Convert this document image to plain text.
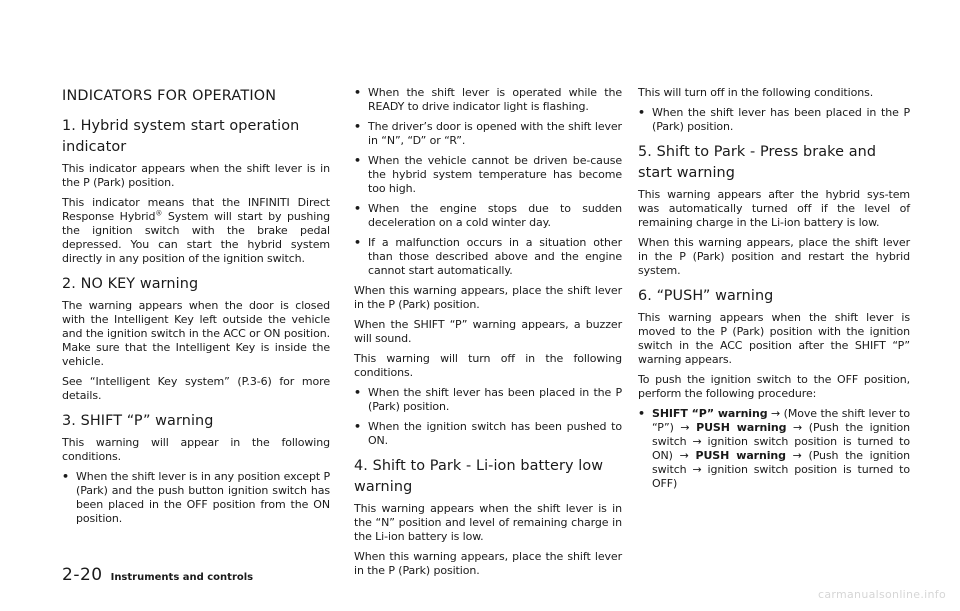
INDICATORS FOR OPERATION
1. Hybrid system start operation indicator

This indicator appears when the shift lever is in the P (Park) position.

This indicator means that the INFINITI Direct Response Hybrid® System will start by pushing the ignition switch with the brake pedal depressed. You can start the hybrid system directly in any position of the ignition switch.

2. NO KEY warning

The warning appears when the door is closed with the Intelligent Key left outside the vehicle and the ignition switch in the ACC or ON position. Make sure that the Intelligent Key is inside the vehicle.

See “Intelligent Key system” (P.3-6) for more details.

3. SHIFT “P” warning

This warning will appear in the following conditions.

• When the shift lever is in any position except P (Park) and the push button ignition switch has been placed in the OFF position from the ON position.

• When the shift lever is operated while the READY to drive indicator light is flashing.

• The driver’s door is opened with the shift lever in “N”, “D” or “R”.

• When the vehicle cannot be driven be-cause the hybrid system temperature has become too high.

• When the engine stops due to sudden deceleration on a cold winter day.

• If a malfunction occurs in a situation other than those described above and the engine cannot start automatically.

When this warning appears, place the shift lever in the P (Park) position.

When the SHIFT “P” warning appears, a buzzer will sound.

This warning will turn off in the following conditions.

• When the shift lever has been placed in the P (Park) position.

• When the ignition switch has been pushed to ON.

4. Shift to Park - Li-ion battery low warning

This warning appears when the shift lever is in the “N” position and level of remaining charge in the Li-ion battery is low.

When this warning appears, place the shift lever in the P (Park) position.

This will turn off in the following conditions.

• When the shift lever has been placed in the P (Park) position.

5. Shift to Park - Press brake and start warning

This warning appears after the hybrid sys-tem was automatically turned off if the level of remaining charge in the Li-ion battery is low.

When this warning appears, place the shift lever in the P (Park) position and restart the hybrid system.

6. “PUSH” warning

This warning appears when the shift lever is moved to the P (Park) position with the ignition switch in the ACC position after the SHIFT “P” warning appears.

To push the ignition switch to the OFF position, perform the following procedure:

• SHIFT “P” warning → (Move the shift lever to “P”) → PUSH warning → (Push the ignition switch → ignition switch position is turned to ON) → PUSH warning → (Push the ignition switch → ignition switch position is turned to OFF)

2-20 Instruments and controls
carmanualsonline.info
